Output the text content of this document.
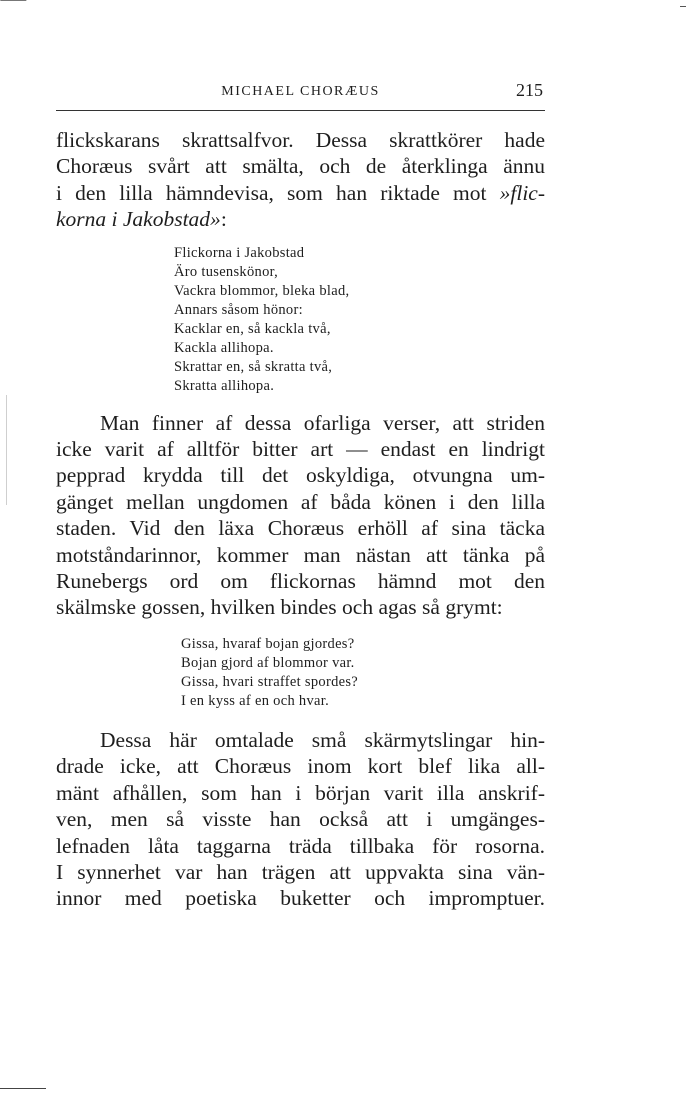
MICHAEL CHORÆUS	215

flickskarans skrattsalfvor. Dessa skrattkörer hade
Choræus svårt att smälta, och de återklinga ännu
i den lilla hämndevisa, som han riktade mot »flic-
korna i Jakobstad»:

Flickorna i Jakobstad
Äro tusenskönor,
Vackra blommor, bleka blad,
Annars såsom hönor:
Kacklar en, så kackla två,
Kackla allihopa.
Skrattar en, så skratta två,
Skratta allihopa.

Man finner af dessa ofarliga verser, att striden
icke varit af alltför bitter art — endast en lindrigt
pepprad krydda till det oskyldiga, otvungna um-
gänget mellan ungdomen af båda könen i den lilla
staden. Vid den läxa Choræus erhöll af sina täcka
motståndarinnor, kommer man nästan att tänka på
Runebergs ord om flickornas hämnd mot den
skälmske gossen, hvilken bindes och agas så grymt:

Gissa, hvaraf bojan gjordes?
Bojan gjord af blommor var.
Gissa, hvari straffet spordes?
I en kyss af en och hvar.

Dessa här omtalade små skärmytslingar hin-
drade icke, att Choræus inom kort blef lika all-
mänt afhållen, som han i början varit illa anskrif-
ven, men så visste han också att i umgänges-
lefnaden låta taggarna träda tillbaka för rosorna.
I synnerhet var han trägen att uppvakta sina vän-
innor med poetiska buketter och impromptuer.
